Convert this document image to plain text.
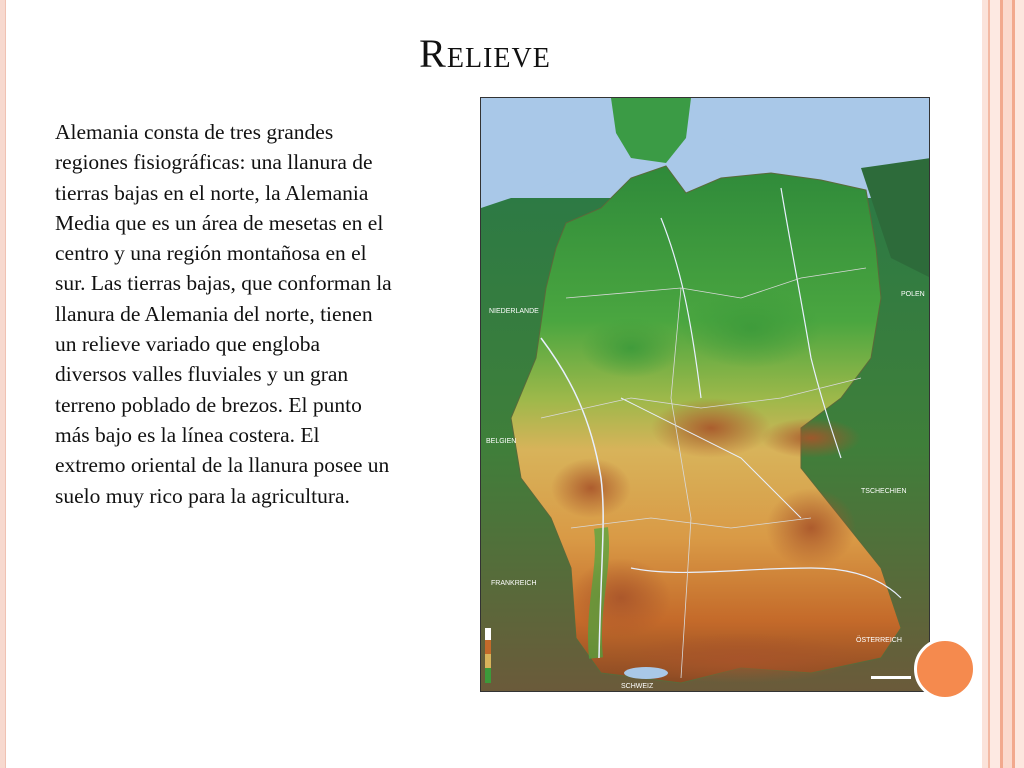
Relieve
Alemania consta de tres grandes regiones fisiográficas: una llanura de tierras bajas en el norte, la Alemania Media que es un área de mesetas en el centro y una región montañosa en el sur. Las tierras bajas, que conforman la llanura de Alemania del norte, tienen un relieve variado que engloba diversos valles fluviales y un gran terreno poblado de brezos. El punto más bajo es la línea costera. El extremo oriental de la llanura posee un suelo muy rico para la agricultura.
NIEDERLANDE
POLEN
BELGIEN
TSCHECHIEN
FRANKREICH
ÖSTERREICH
SCHWEIZ
